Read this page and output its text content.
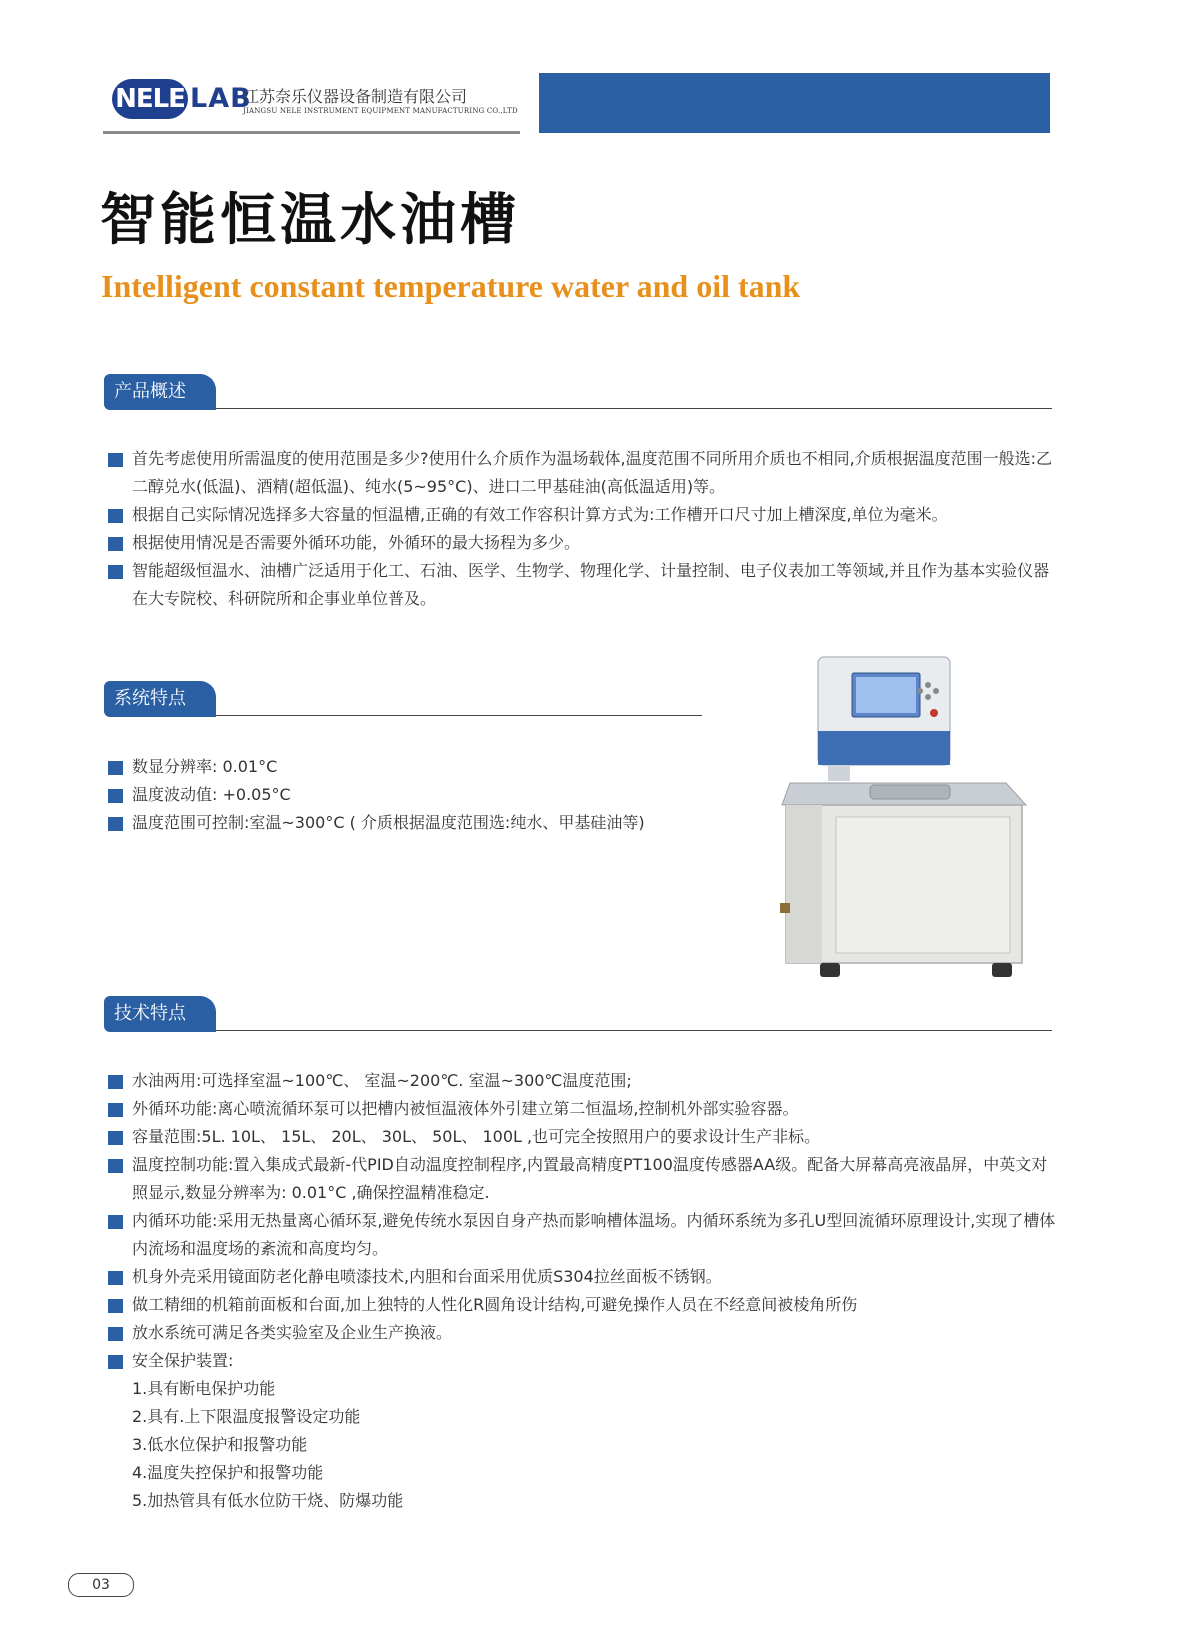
NELE LAB
江苏奈乐仪器设备制造有限公司
JIANGSU NELE INSTRUMENT EQUIPMENT MANUFACTURING CO.,LTD
智能恒温水油槽
Intelligent constant temperature water and oil tank
产品概述
首先考虑使用所需温度的使用范围是多少?使用什么介质作为温场载体,温度范围不同所用介质也不相同,介质根据温度范围一般选:乙二醇兑水(低温)、酒精(超低温)、纯水(5~95°C)、进口二甲基硅油(高低温适用)等。
根据自己实际情况选择多大容量的恒温槽,正确的有效工作容积计算方式为:工作槽开口尺寸加上槽深度,单位为毫米。
根据使用情况是否需要外循环功能，外循环的最大扬程为多少。
智能超级恒温水、油槽广泛适用于化工、石油、医学、生物学、物理化学、计量控制、电子仪表加工等领域,并且作为基本实验仪器在大专院校、科研院所和企事业单位普及。
系统特点
数显分辨率: 0.01°C
温度波动值: +0.05°C
温度范围可控制:室温~300°C ( 介质根据温度范围选:纯水、甲基硅油等)
技术特点
水油两用:可选择室温~100℃、 室温~200℃. 室温~300℃温度范围;
外循环功能:离心喷流循环泵可以把槽内被恒温液体外引建立第二恒温场,控制机外部实验容器。
容量范围:5L. 10L、 15L、 20L、 30L、 50L、 100L ,也可完全按照用户的要求设计生产非标。
温度控制功能:置入集成式最新-代PID自动温度控制程序,内置最高精度PT100温度传感器AA级。配备大屏幕高亮液晶屏，中英文对照显示,数显分辨率为: 0.01°C ,确保控温精准稳定.
内循环功能:采用无热量离心循环泵,避免传统水泵因自身产热而影响槽体温场。内循环系统为多孔U型回流循环原理设计,实现了槽体内流场和温度场的紊流和高度均匀。
机身外壳采用镜面防老化静电喷漆技术,内胆和台面采用优质S304拉丝面板不锈钢。
做工精细的机箱前面板和台面,加上独特的人性化R圆角设计结构,可避免操作人员在不经意间被棱角所伤
放水系统可满足各类实验室及企业生产换液。
安全保护装置:
1.具有断电保护功能
2.具有.上下限温度报警设定功能
3.低水位保护和报警功能
4.温度失控保护和报警功能
5.加热管具有低水位防干烧、防爆功能
03
